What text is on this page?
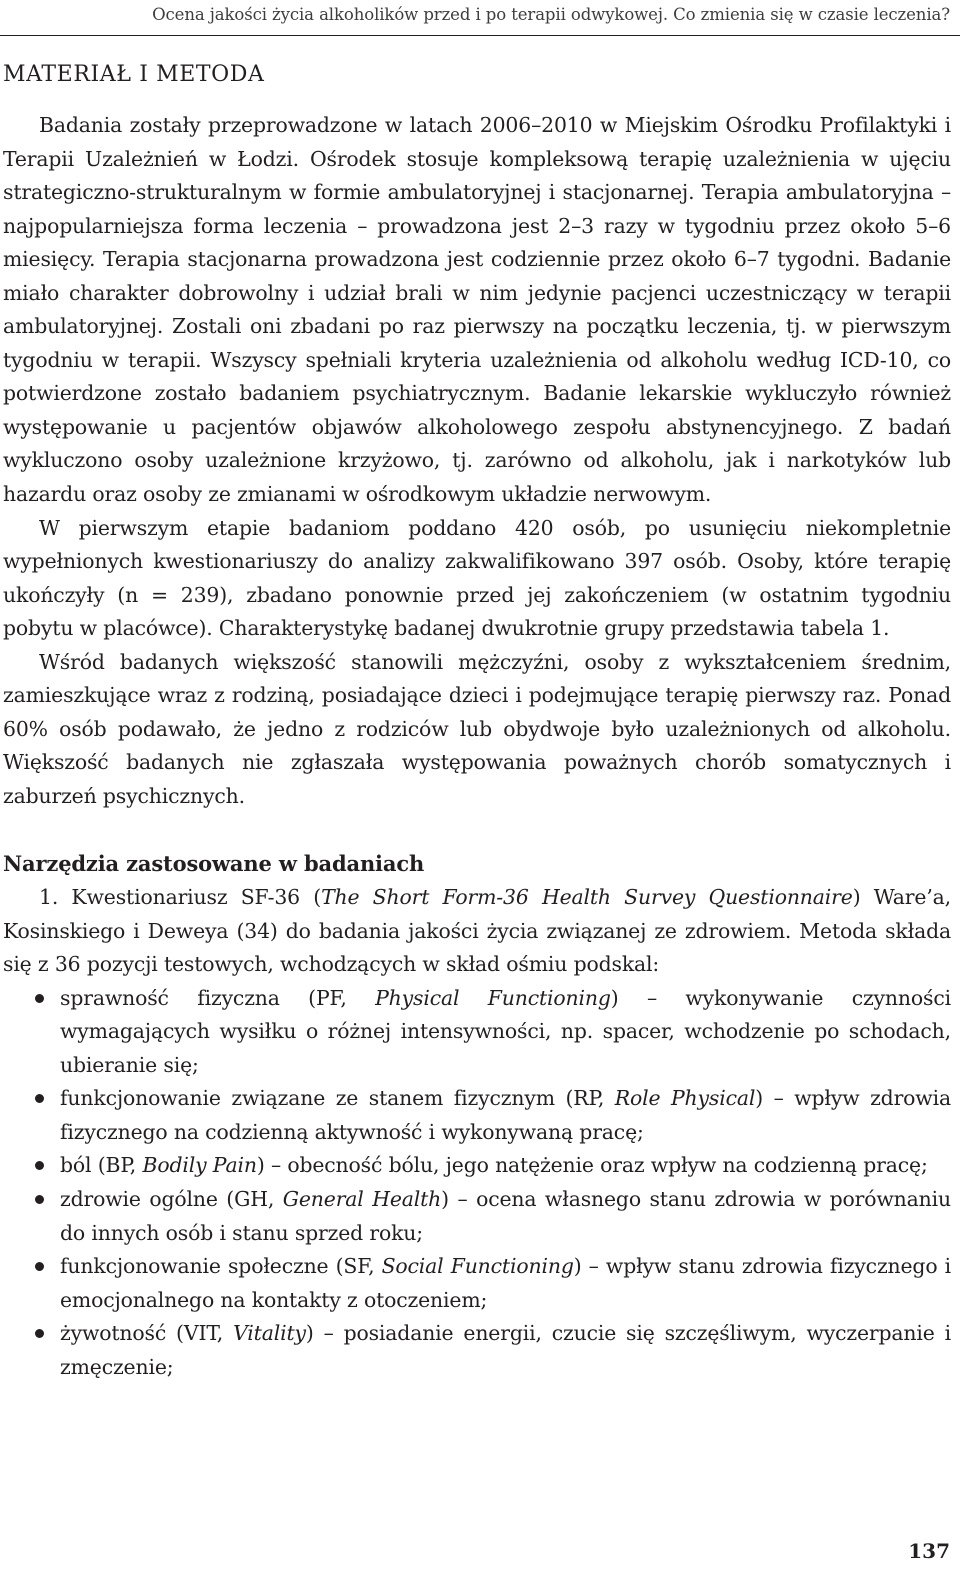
Ocena jakości życia alkoholików przed i po terapii odwykowej. Co zmienia się w czasie leczenia?
MATERIAŁ I METODA

Badania zostały przeprowadzone w latach 2006–2010 w Miejskim Ośrodku Profilaktyki i Terapii Uzależnień w Łodzi. Ośrodek stosuje kompleksową terapię uzależnienia w ujęciu strategiczno-strukturalnym w formie ambulatoryjnej i stacjonarnej. Terapia ambulatoryjna – najpopularniejsza forma leczenia – prowadzona jest 2–3 razy w tygodniu przez około 5–6 miesięcy. Terapia stacjonarna prowadzona jest codziennie przez około 6–7 tygodni. Badanie miało charakter dobrowolny i udział brali w nim jedynie pacjenci uczestniczący w terapii ambulatoryjnej. Zostali oni zbadani po raz pierwszy na początku leczenia, tj. w pierwszym tygodniu w terapii. Wszyscy spełniali kryteria uzależnienia od alkoholu według ICD-10, co potwierdzone zostało badaniem psychiatrycznym. Badanie lekarskie wykluczyło również występowanie u pacjentów objawów alkoholowego zespołu abstynencyjnego. Z badań wykluczono osoby uzależnione krzyżowo, tj. zarówno od alkoholu, jak i narkotyków lub hazardu oraz osoby ze zmianami w ośrodkowym układzie nerwowym.

W pierwszym etapie badaniom poddano 420 osób, po usunięciu niekompletnie wypełnionych kwestionariuszy do analizy zakwalifikowano 397 osób. Osoby, które terapię ukończyły (n = 239), zbadano ponownie przed jej zakończeniem (w ostatnim tygodniu pobytu w placówce). Charakterystykę badanej dwukrotnie grupy przedstawia tabela 1.

Wśród badanych większość stanowili mężczyźni, osoby z wykształceniem średnim, zamieszkujące wraz z rodziną, posiadające dzieci i podejmujące terapię pierwszy raz. Ponad 60% osób podawało, że jedno z rodziców lub obydwoje było uzależnionych od alkoholu. Większość badanych nie zgłaszała występowania poważnych chorób somatycznych i zaburzeń psychicznych.

Narzędzia zastosowane w badaniach

1. Kwestionariusz SF-36 (The Short Form-36 Health Survey Questionnaire) Ware’a, Kosinskiego i Deweya (34) do badania jakości życia związanej ze zdrowiem. Metoda składa się z 36 pozycji testowych, wchodzących w skład ośmiu podskal:

sprawność fizyczna (PF, Physical Functioning) – wykonywanie czynności wymagających wysiłku o różnej intensywności, np. spacer, wchodzenie po schodach, ubieranie się;
funkcjonowanie związane ze stanem fizycznym (RP, Role Physical) – wpływ zdrowia fizycznego na codzienną aktywność i wykonywaną pracę;
ból (BP, Bodily Pain) – obecność bólu, jego natężenie oraz wpływ na codzienną pracę;
zdrowie ogólne (GH, General Health) – ocena własnego stanu zdrowia w porównaniu do innych osób i stanu sprzed roku;
funkcjonowanie społeczne (SF, Social Functioning) – wpływ stanu zdrowia fizycznego i emocjonalnego na kontakty z otoczeniem;
żywotność (VIT, Vitality) – posiadanie energii, czucie się szczęśliwym, wyczerpanie i zmęczenie;
137
